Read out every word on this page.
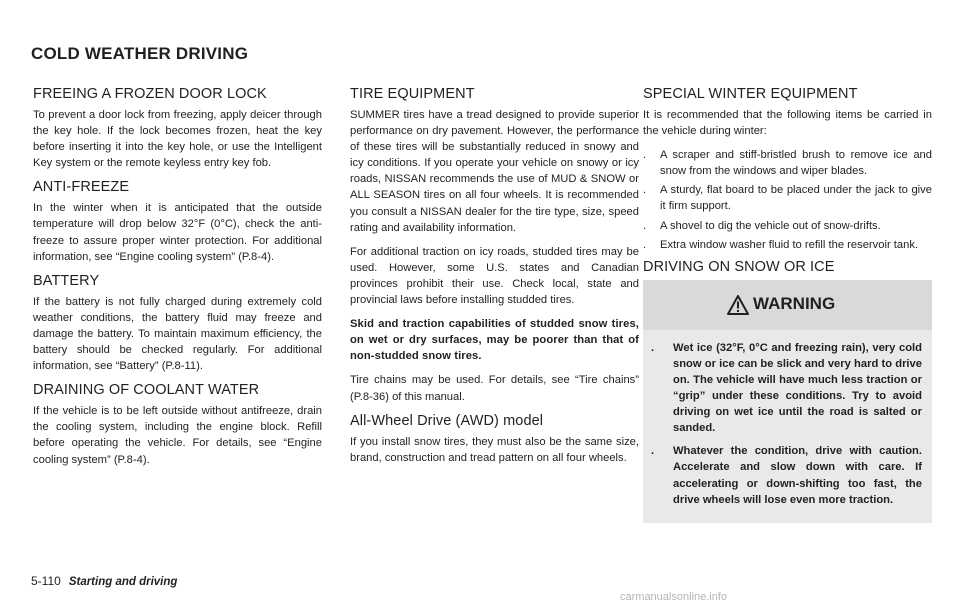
COLD WEATHER DRIVING
FREEING A FROZEN DOOR LOCK

To prevent a door lock from freezing, apply deicer through the key hole. If the lock becomes frozen, heat the key before inserting it into the key hole, or use the Intelligent Key system or the remote keyless entry key fob.

ANTI-FREEZE

In the winter when it is anticipated that the outside temperature will drop below 32°F (0°C), check the anti-freeze to assure proper winter protection. For additional information, see “Engine cooling system” (P.8-4).

BATTERY

If the battery is not fully charged during extremely cold weather conditions, the battery fluid may freeze and damage the battery. To maintain maximum efficiency, the battery should be checked regularly. For additional information, see “Battery” (P.8-11).

DRAINING OF COOLANT WATER

If the vehicle is to be left outside without antifreeze, drain the cooling system, including the engine block. Refill before operating the vehicle. For details, see “Engine cooling system” (P.8-4).

TIRE EQUIPMENT

SUMMER tires have a tread designed to provide superior performance on dry pavement. However, the performance of these tires will be substantially reduced in snowy and icy conditions. If you operate your vehicle on snowy or icy roads, NISSAN recommends the use of MUD & SNOW or ALL SEASON tires on all four wheels. It is recommended you consult a NISSAN dealer for the tire type, size, speed rating and availability information.

For additional traction on icy roads, studded tires may be used. However, some U.S. states and Canadian provinces prohibit their use. Check local, state and provincial laws before installing studded tires.

Skid and traction capabilities of studded snow tires, on wet or dry surfaces, may be poorer than that of non-studded snow tires.

Tire chains may be used. For details, see “Tire chains” (P.8-36) of this manual.

All-Wheel Drive (AWD) model

If you install snow tires, they must also be the same size, brand, construction and tread pattern on all four wheels.

SPECIAL WINTER EQUIPMENT

It is recommended that the following items be carried in the vehicle during winter:

. A scraper and stiff-bristled brush to remove ice and snow from the windows and wiper blades.
. A sturdy, flat board to be placed under the jack to give it firm support.
. A shovel to dig the vehicle out of snow-drifts.
. Extra window washer fluid to refill the reservoir tank.
DRIVING ON SNOW OR ICE
WARNING
. Wet ice (32°F, 0°C and freezing rain), very cold snow or ice can be slick and very hard to drive on. The vehicle will have much less traction or “grip” under these conditions. Try to avoid driving on wet ice until the road is salted or sanded.
. Whatever the condition, drive with caution. Accelerate and slow down with care. If accelerating or down-shifting too fast, the drive wheels will lose even more traction.
5-110 Starting and driving
carmanualsonline.info
